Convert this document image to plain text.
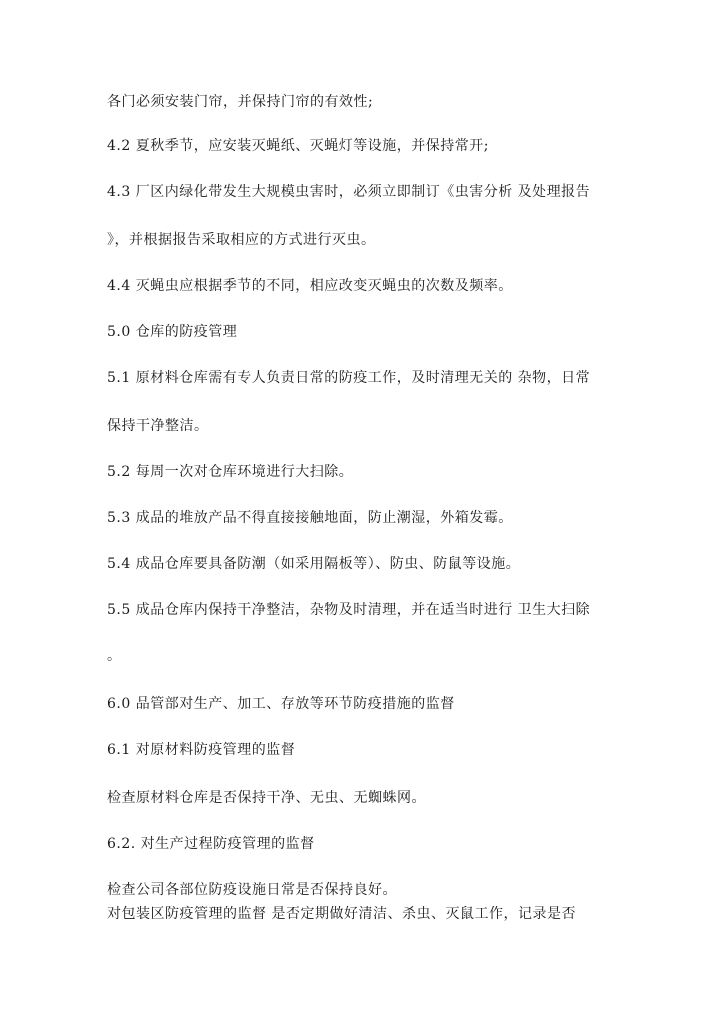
各门必须安装门帘，并保持门帘的有效性;
4.2 夏秋季节，应安装灭蝇纸、灭蝇灯等设施，并保持常开;
4.3 厂区内绿化带发生大规模虫害时，必须立即制订《虫害分析 及处理报告
》，并根据报告采取相应的方式进行灭虫。
4.4 灭蝇虫应根据季节的不同，相应改变灭蝇虫的次数及频率。
5.0 仓库的防疫管理
5.1 原材料仓库需有专人负责日常的防疫工作，及时清理无关的 杂物，日常
保持干净整洁。
5.2 每周一次对仓库环境进行大扫除。
5.3 成品的堆放产品不得直接接触地面，防止潮湿，外箱发霉。
5.4 成品仓库要具备防潮（如采用隔板等）、防虫、防鼠等设施。
5.5 成品仓库内保持干净整洁，杂物及时清理，并在适当时进行 卫生大扫除
。
6.0 品管部对生产、加工、存放等环节防疫措施的监督
6.1 对原材料防疫管理的监督
检查原材料仓库是否保持干净、无虫、无蜘蛛网。
6.2. 对生产过程防疫管理的监督
检查公司各部位防疫设施日常是否保持良好。
对包装区防疫管理的监督 是否定期做好清洁、杀虫、灭鼠工作，记录是否
